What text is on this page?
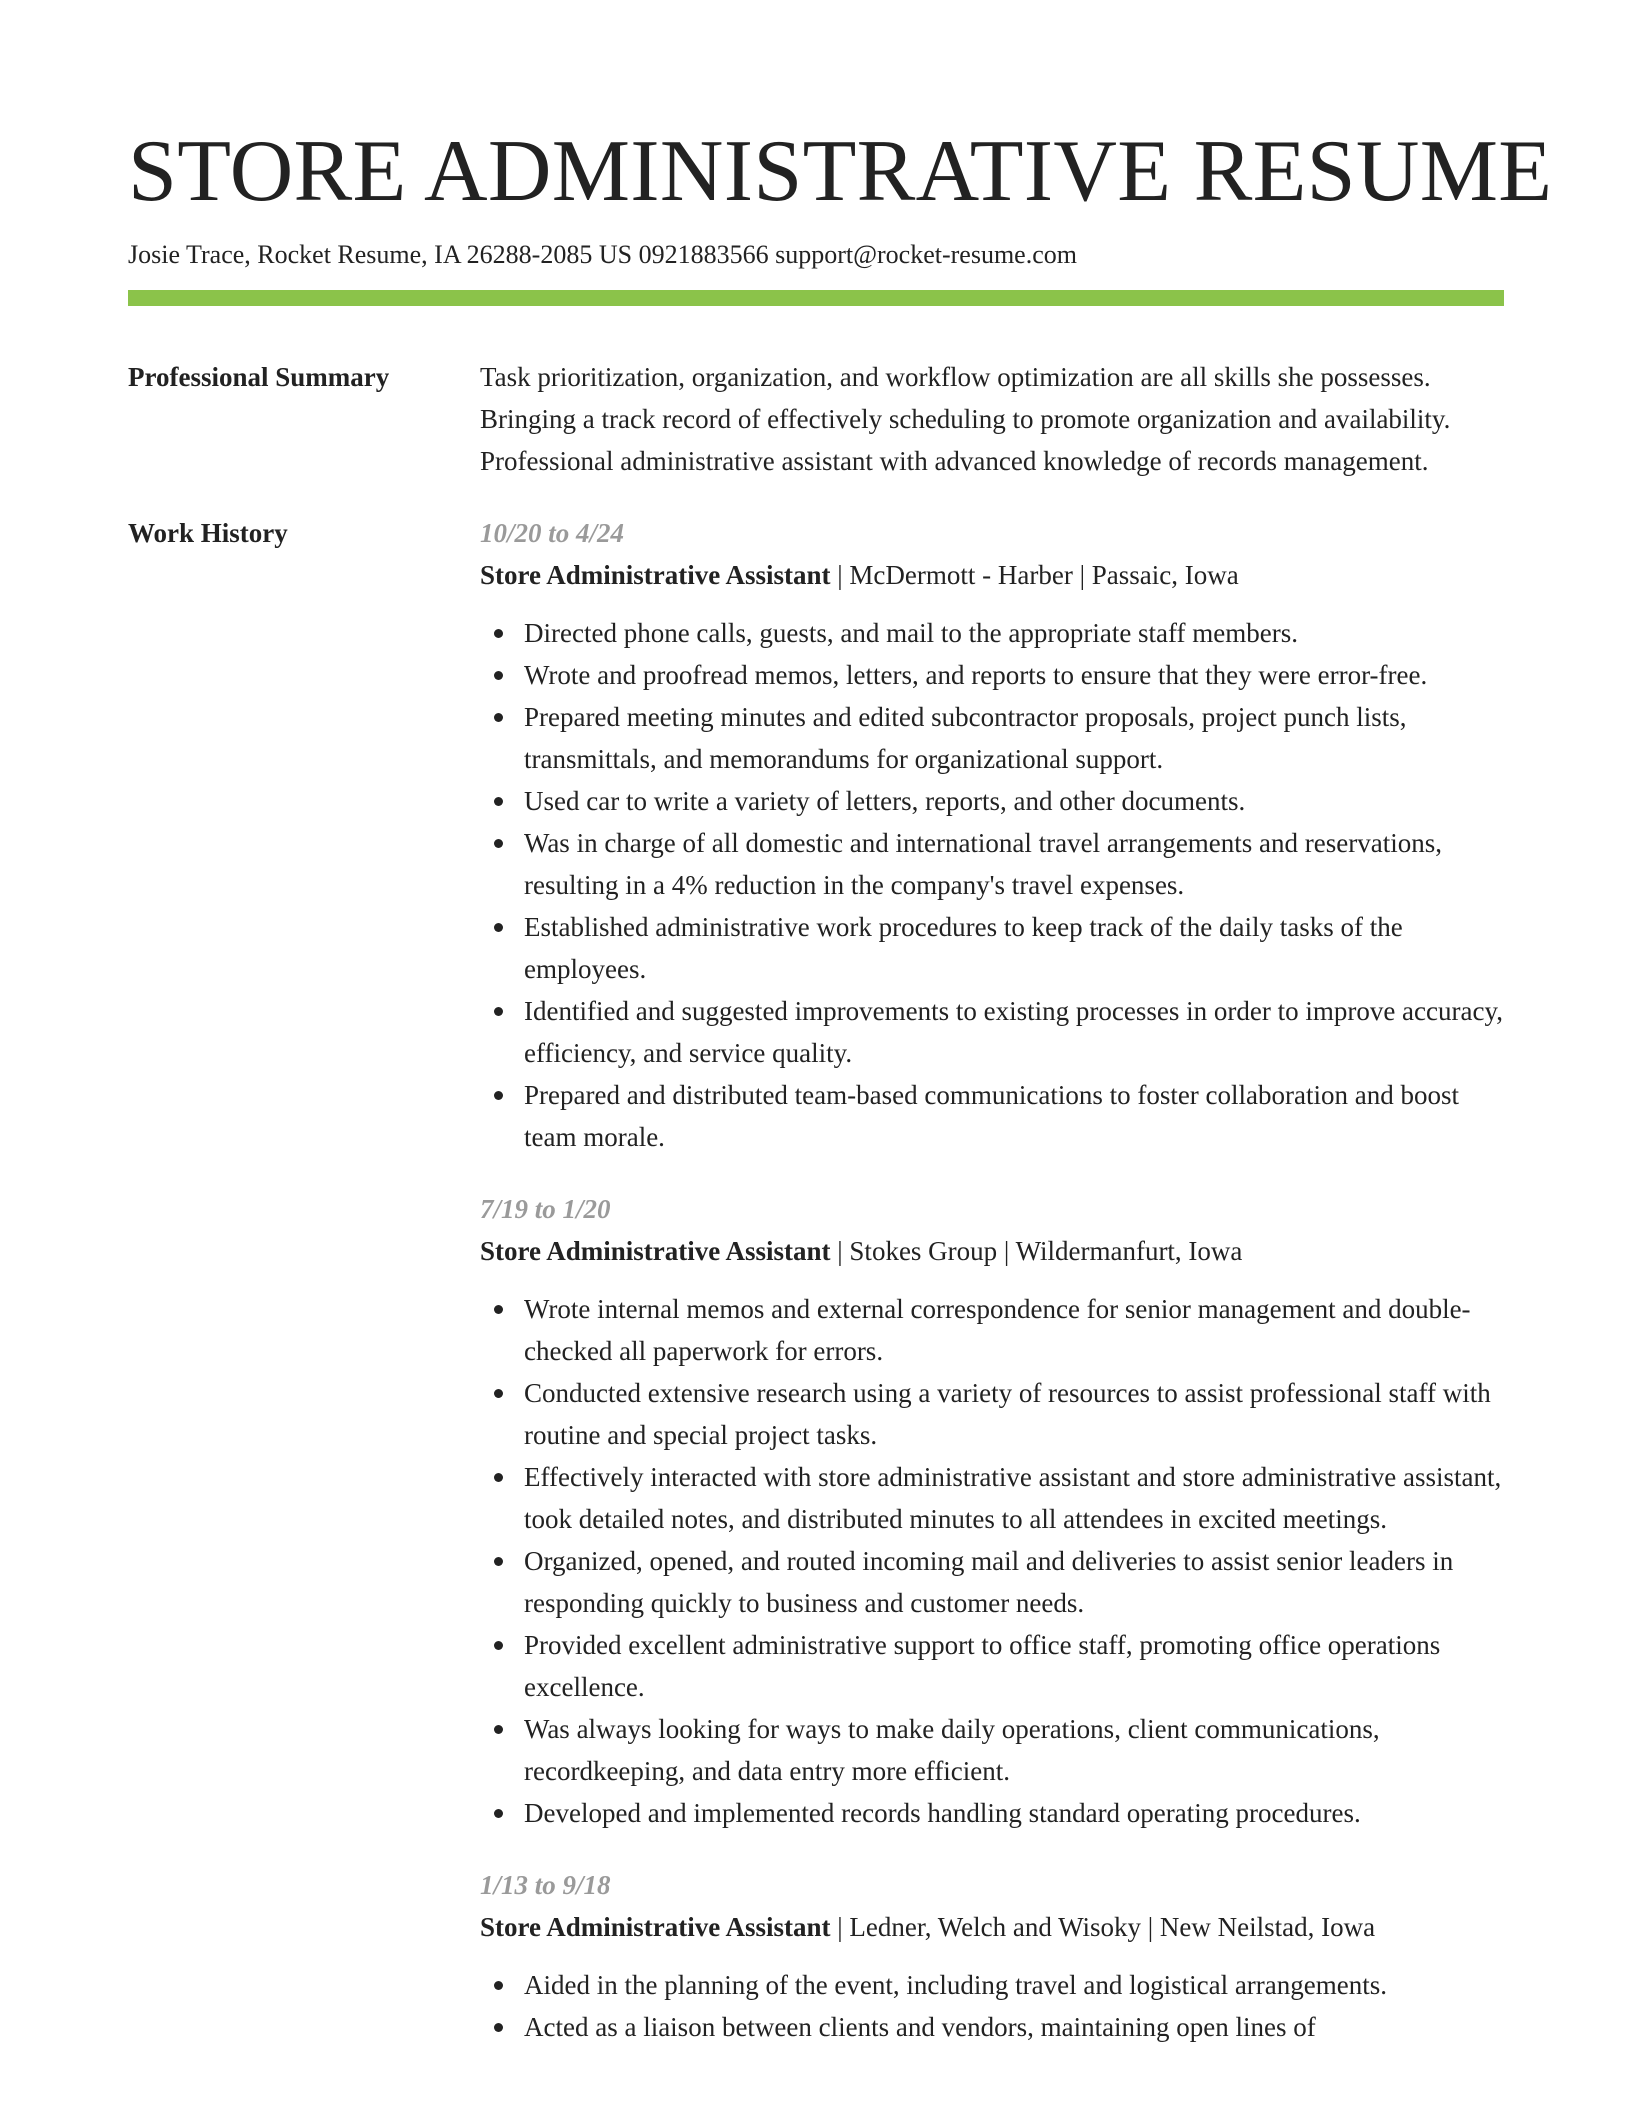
STORE ADMINISTRATIVE RESUME
Josie Trace, Rocket Resume, IA 26288-2085 US 0921883566 support@rocket-resume.com
Professional Summary	Task prioritization, organization, and workflow optimization are all skills she possesses. Bringing a track record of effectively scheduling to promote organization and availability. Professional administrative assistant with advanced knowledge of records management.
Work History	10/20 to 4/24
Store Administrative Assistant | McDermott - Harber | Passaic, Iowa
Directed phone calls, guests, and mail to the appropriate staff members.
Wrote and proofread memos, letters, and reports to ensure that they were error-free.
Prepared meeting minutes and edited subcontractor proposals, project punch lists, transmittals, and memorandums for organizational support.
Used car to write a variety of letters, reports, and other documents.
Was in charge of all domestic and international travel arrangements and reservations, resulting in a 4% reduction in the company's travel expenses.
Established administrative work procedures to keep track of the daily tasks of the employees.
Identified and suggested improvements to existing processes in order to improve accuracy, efficiency, and service quality.
Prepared and distributed team-based communications to foster collaboration and boost team morale.
7/19 to 1/20
Store Administrative Assistant | Stokes Group | Wildermanfurt, Iowa
Wrote internal memos and external correspondence for senior management and double-checked all paperwork for errors.
Conducted extensive research using a variety of resources to assist professional staff with routine and special project tasks.
Effectively interacted with store administrative assistant and store administrative assistant, took detailed notes, and distributed minutes to all attendees in excited meetings.
Organized, opened, and routed incoming mail and deliveries to assist senior leaders in responding quickly to business and customer needs.
Provided excellent administrative support to office staff, promoting office operations excellence.
Was always looking for ways to make daily operations, client communications, recordkeeping, and data entry more efficient.
Developed and implemented records handling standard operating procedures.
1/13 to 9/18
Store Administrative Assistant | Ledner, Welch and Wisoky | New Neilstad, Iowa
Aided in the planning of the event, including travel and logistical arrangements.
Acted as a liaison between clients and vendors, maintaining open lines of
